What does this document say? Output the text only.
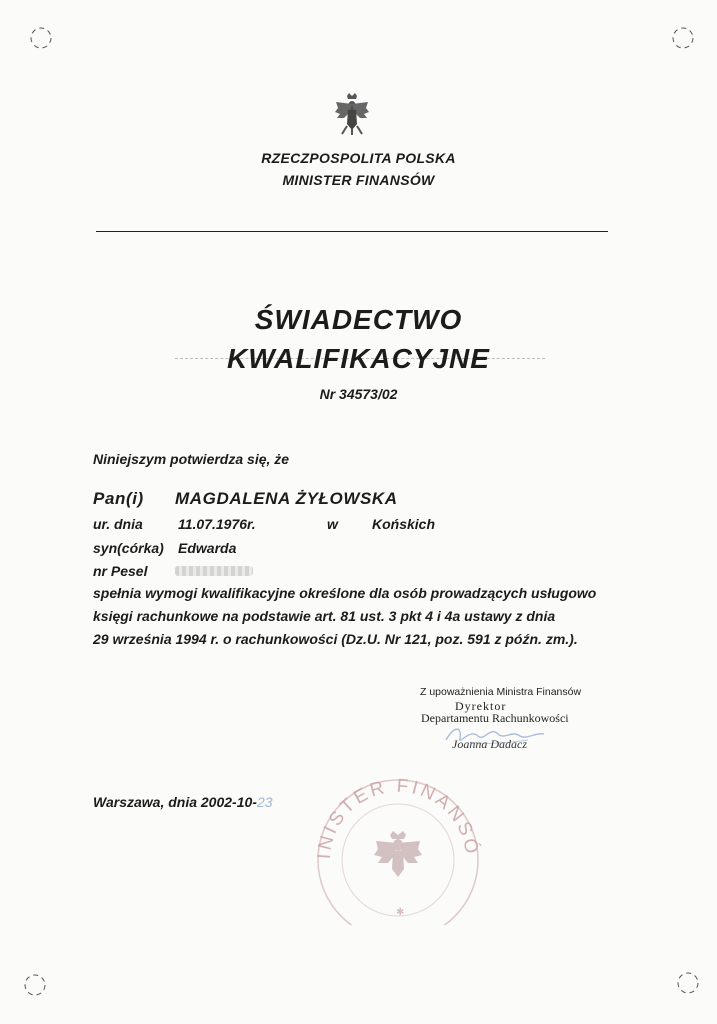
RZECZPOSPOLITA POLSKA
MINISTER FINANSÓW
ŚWIADECTWO
KWALIFIKACYJNE
Nr 34573/02
Niniejszym potwierdza się, że
Pan(i) MAGDALENA ŻYŁOWSKA
ur. dnia	11.07.1976r.	w Końskich
syn(córka) Edwarda
nr Pesel
spełnia wymogi kwalifikacyjne określone dla osób prowadzących usługowo
księgi rachunkowe na podstawie art. 81 ust. 3 pkt 4 i 4a ustawy z dnia
29 września 1994 r. o rachunkowości (Dz.U. Nr 121, poz. 591 z późn. zm.).
Z upoważnienia Ministra Finansów
Dyrektor
Departamentu Rachunkowości
Joanna Dadacz
Warszawa, dnia 2002-10-23
INISTER FINANSÓ
✱
